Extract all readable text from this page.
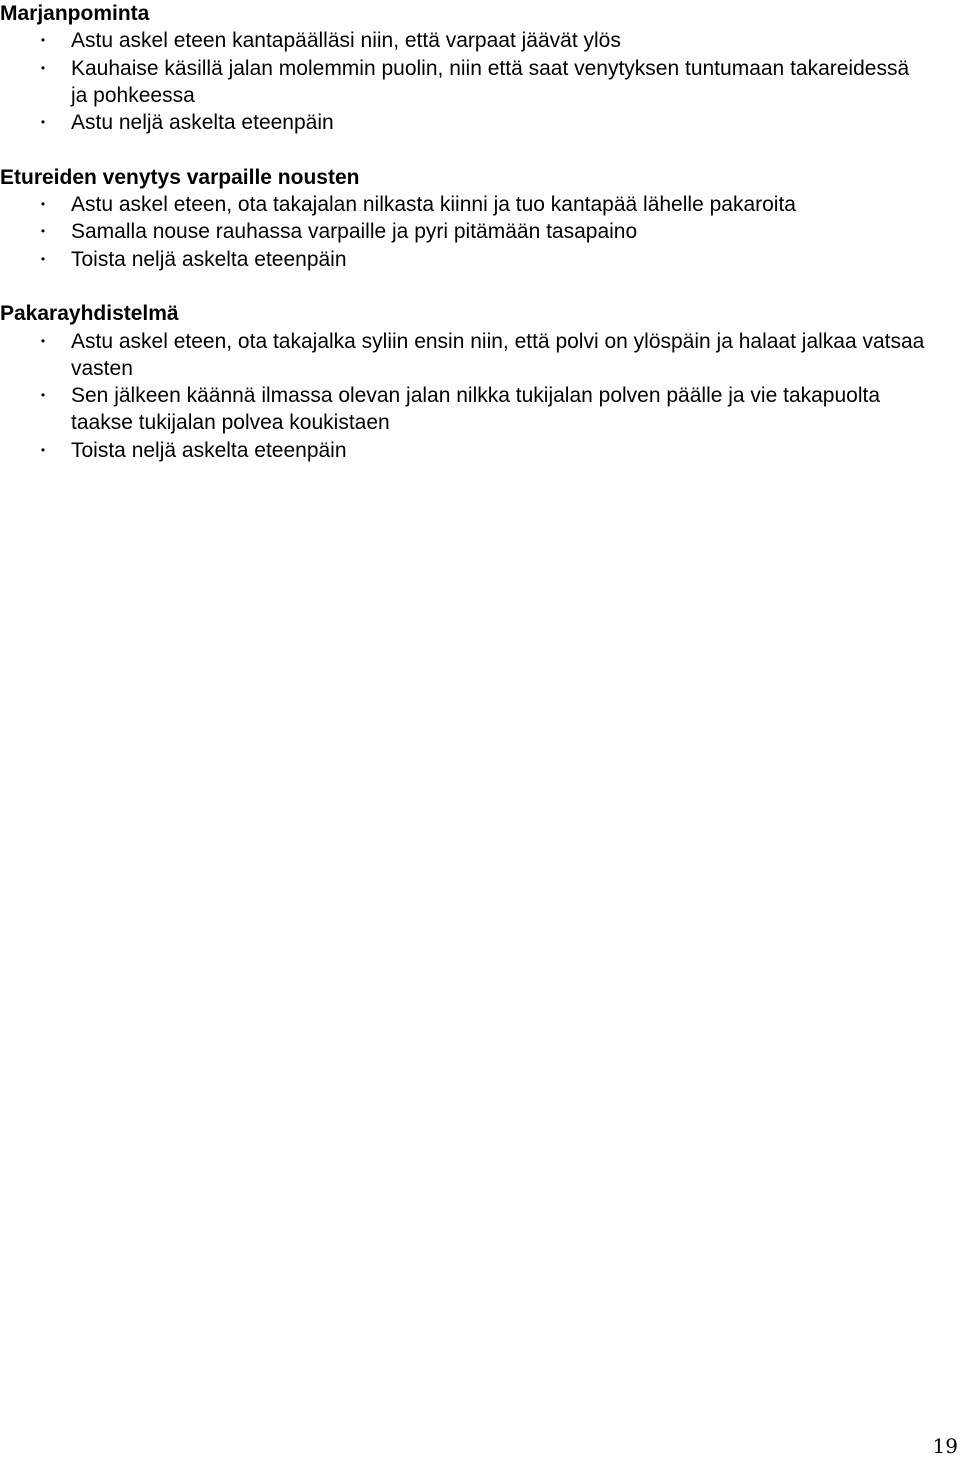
Marjanpominta
•	Astu askel eteen kantapäälläsi niin, että varpaat jäävät ylös
•	Kauhaise käsillä jalan molemmin puolin, niin että saat venytyksen tuntumaan takareidessä ja pohkeessa
•	Astu neljä askelta eteenpäin
Etureiden venytys varpaille nousten
•	Astu askel eteen, ota takajalan nilkasta kiinni ja tuo kantapää lähelle pakaroita
•	Samalla nouse rauhassa varpaille ja pyri pitämään tasapaino
•	Toista neljä askelta eteenpäin
Pakarayhdistelmä
•	Astu askel eteen, ota takajalka syliin ensin niin, että polvi on ylöspäin ja halaat jalkaa vatsaa vasten
•	Sen jälkeen käännä ilmassa olevan jalan nilkka tukijalan polven päälle ja vie takapuolta taakse tukijalan polvea koukistaen
•	Toista neljä askelta eteenpäin
19
